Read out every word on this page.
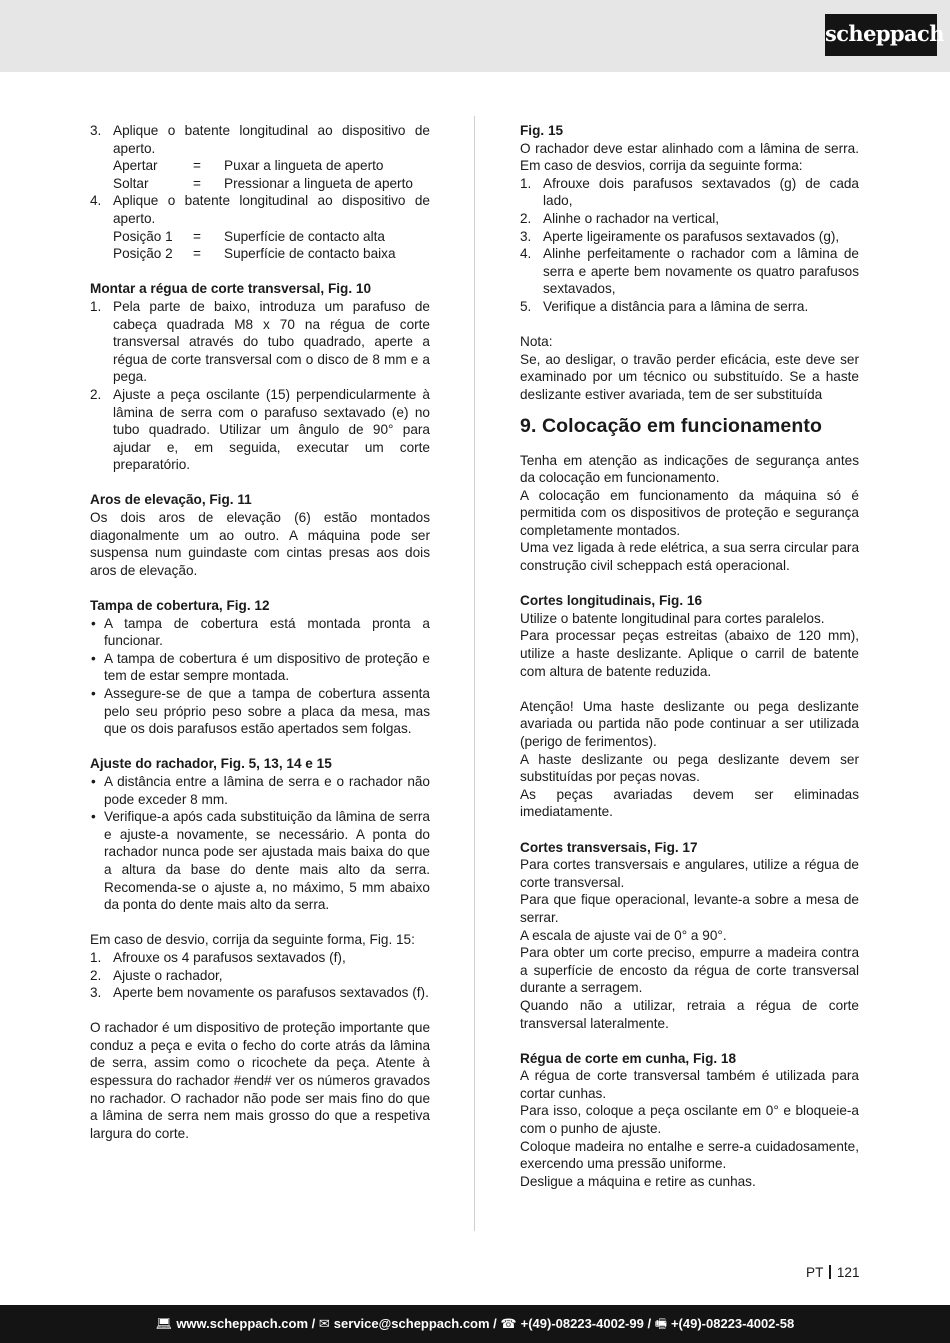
scheppach
3. Aplique o batente longitudinal ao dispositivo de aperto.
Apertar	=	Puxar a lingueta de aperto
Soltar	=	Pressionar a lingueta de aperto
4. Aplique o batente longitudinal ao dispositivo de aperto.
Posição 1	=	Superfície de contacto alta
Posição 2	=	Superfície de contacto baixa

Montar a régua de corte transversal, Fig. 10

1. Pela parte de baixo, introduza um parafuso de cabeça quadrada M8 x 70 na régua de corte transversal através do tubo quadrado, aperte a régua de corte transversal com o disco de 8 mm e a pega.
2. Ajuste a peça oscilante (15) perpendicularmente à lâmina de serra com o parafuso sextavado (e) no tubo quadrado. Utilizar um ângulo de 90° para ajudar e, em seguida, executar um corte preparatório.

Aros de elevação, Fig. 11

Os dois aros de elevação (6) estão montados diagonalmente um ao outro. A máquina pode ser suspensa num guindaste com cintas presas aos dois aros de elevação.

Tampa de cobertura, Fig. 12

• A tampa de cobertura está montada pronta a funcionar.
• A tampa de cobertura é um dispositivo de proteção e tem de estar sempre montada.
• Assegure-se de que a tampa de cobertura assenta pelo seu próprio peso sobre a placa da mesa, mas que os dois parafusos estão apertados sem folgas.

Ajuste do rachador, Fig. 5, 13, 14 e 15

• A distância entre a lâmina de serra e o rachador não pode exceder 8 mm.
• Verifique-a após cada substituição da lâmina de serra e ajuste-a novamente, se necessário. A ponta do rachador nunca pode ser ajustada mais baixa do que a altura da base do dente mais alto da serra. Recomenda-se o ajuste a, no máximo, 5 mm abaixo da ponta do dente mais alto da serra.

Em caso de desvio, corrija da seguinte forma, Fig. 15:

1. Afrouxe os 4 parafusos sextavados (f),
2. Ajuste o rachador,
3. Aperte bem novamente os parafusos sextavados (f).

O rachador é um dispositivo de proteção importante que conduz a peça e evita o fecho do corte atrás da lâmina de serra, assim como o ricochete da peça. Atente à espessura do rachador #end# ver os números gravados no rachador. O rachador não pode ser mais fino do que a lâmina de serra nem mais grosso do que a respetiva largura do corte.

Fig. 15

O rachador deve estar alinhado com a lâmina de serra. Em caso de desvios, corrija da seguinte forma:

1. Afrouxe dois parafusos sextavados (g) de cada lado,
2. Alinhe o rachador na vertical,
3. Aperte ligeiramente os parafusos sextavados (g),
4. Alinhe perfeitamente o rachador com a lâmina de serra e aperte bem novamente os quatro parafusos sextavados,
5. Verifique a distância para a lâmina de serra.

Nota:

Se, ao desligar, o travão perder eficácia, este deve ser examinado por um técnico ou substituído. Se a haste deslizante estiver avariada, tem de ser substituída

9. Colocação em funcionamento

Tenha em atenção as indicações de segurança antes da colocação em funcionamento.

A colocação em funcionamento da máquina só é permitida com os dispositivos de proteção e segurança completamente montados.

Uma vez ligada à rede elétrica, a sua serra circular para construção civil scheppach está operacional.

Cortes longitudinais, Fig. 16

Utilize o batente longitudinal para cortes paralelos.

Para processar peças estreitas (abaixo de 120 mm), utilize a haste deslizante. Aplique o carril de batente com altura de batente reduzida.

Atenção! Uma haste deslizante ou pega deslizante avariada ou partida não pode continuar a ser utilizada (perigo de ferimentos).

A haste deslizante ou pega deslizante devem ser substituídas por peças novas.

As peças avariadas devem ser eliminadas imediatamente.

Cortes transversais, Fig. 17

Para cortes transversais e angulares, utilize a régua de corte transversal.

Para que fique operacional, levante-a sobre a mesa de serrar.

A escala de ajuste vai de 0° a 90°.

Para obter um corte preciso, empurre a madeira contra a superfície de encosto da régua de corte transversal durante a serragem.

Quando não a utilizar, retraia a régua de corte transversal lateralmente.

Régua de corte em cunha, Fig. 18

A régua de corte transversal também é utilizada para cortar cunhas.

Para isso, coloque a peça oscilante em 0° e bloqueie-a com o punho de ajuste.

Coloque madeira no entalhe e serre-a cuidadosamente, exercendo uma pressão uniforme.

Desligue a máquina e retire as cunhas.

PT 121
💻︎ www.scheppach.com / ✉︎ service@scheppach.com / ☎ +(49)-08223-4002-99 / 🖷︎ +(49)-08223-4002-58
